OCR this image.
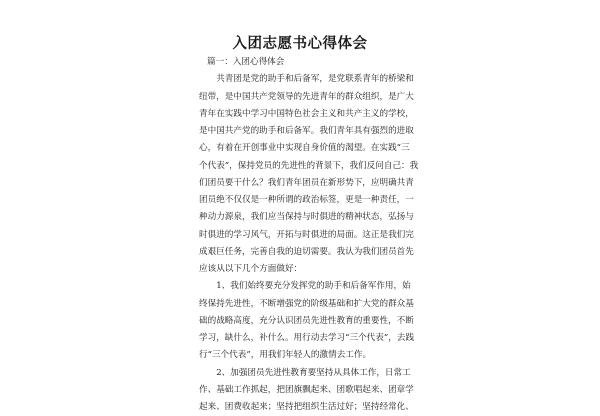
入团志愿书心得体会
篇一：入团心得体会
　　共青团是党的助手和后备军，是党联系青年的桥梁和
纽带，是中国共产党领导的先进青年的群众组织，是广大
青年在实践中学习中国特色社会主义和共产主义的学校，
是中国共产党的助手和后备军。我们青年具有强烈的进取
心，有着在开创事业中实现自身价值的渴望。在实践“三
个代表”，保持党员的先进性的背景下，我们反问自己：我
们团员要干什么？我们青年团员在新形势下，应明确共青
团员绝不仅仅是一种所谓的政治标签，更是一种责任，一
种动力源泉，我们应当保持与时俱进的精神状态，弘扬与
时俱进的学习风气，开拓与时俱进的局面。这正是我们完
成艰巨任务，完善自我的迫切需要。我认为我们团员首先
应该从以下几个方面做好：
　　1、我们始终要充分发挥党的助手和后备军作用，始
终保持先进性，不断增强党的阶级基础和扩大党的群众基
础的战略高度，充分认识团员先进性教育的重要性，不断
学习，缺什么，补什么。用行动去学习“三个代表”，去践
行“三个代表”，用我们年轻人的激情去工作。
　　2、加强团员先进性教育要坚持从具体工作，日常工
作、基础工作抓起，把团旗飘起来、团歌唱起来、团章学
起来、团费收起来；坚持把组织生活过好；坚持经常化、
